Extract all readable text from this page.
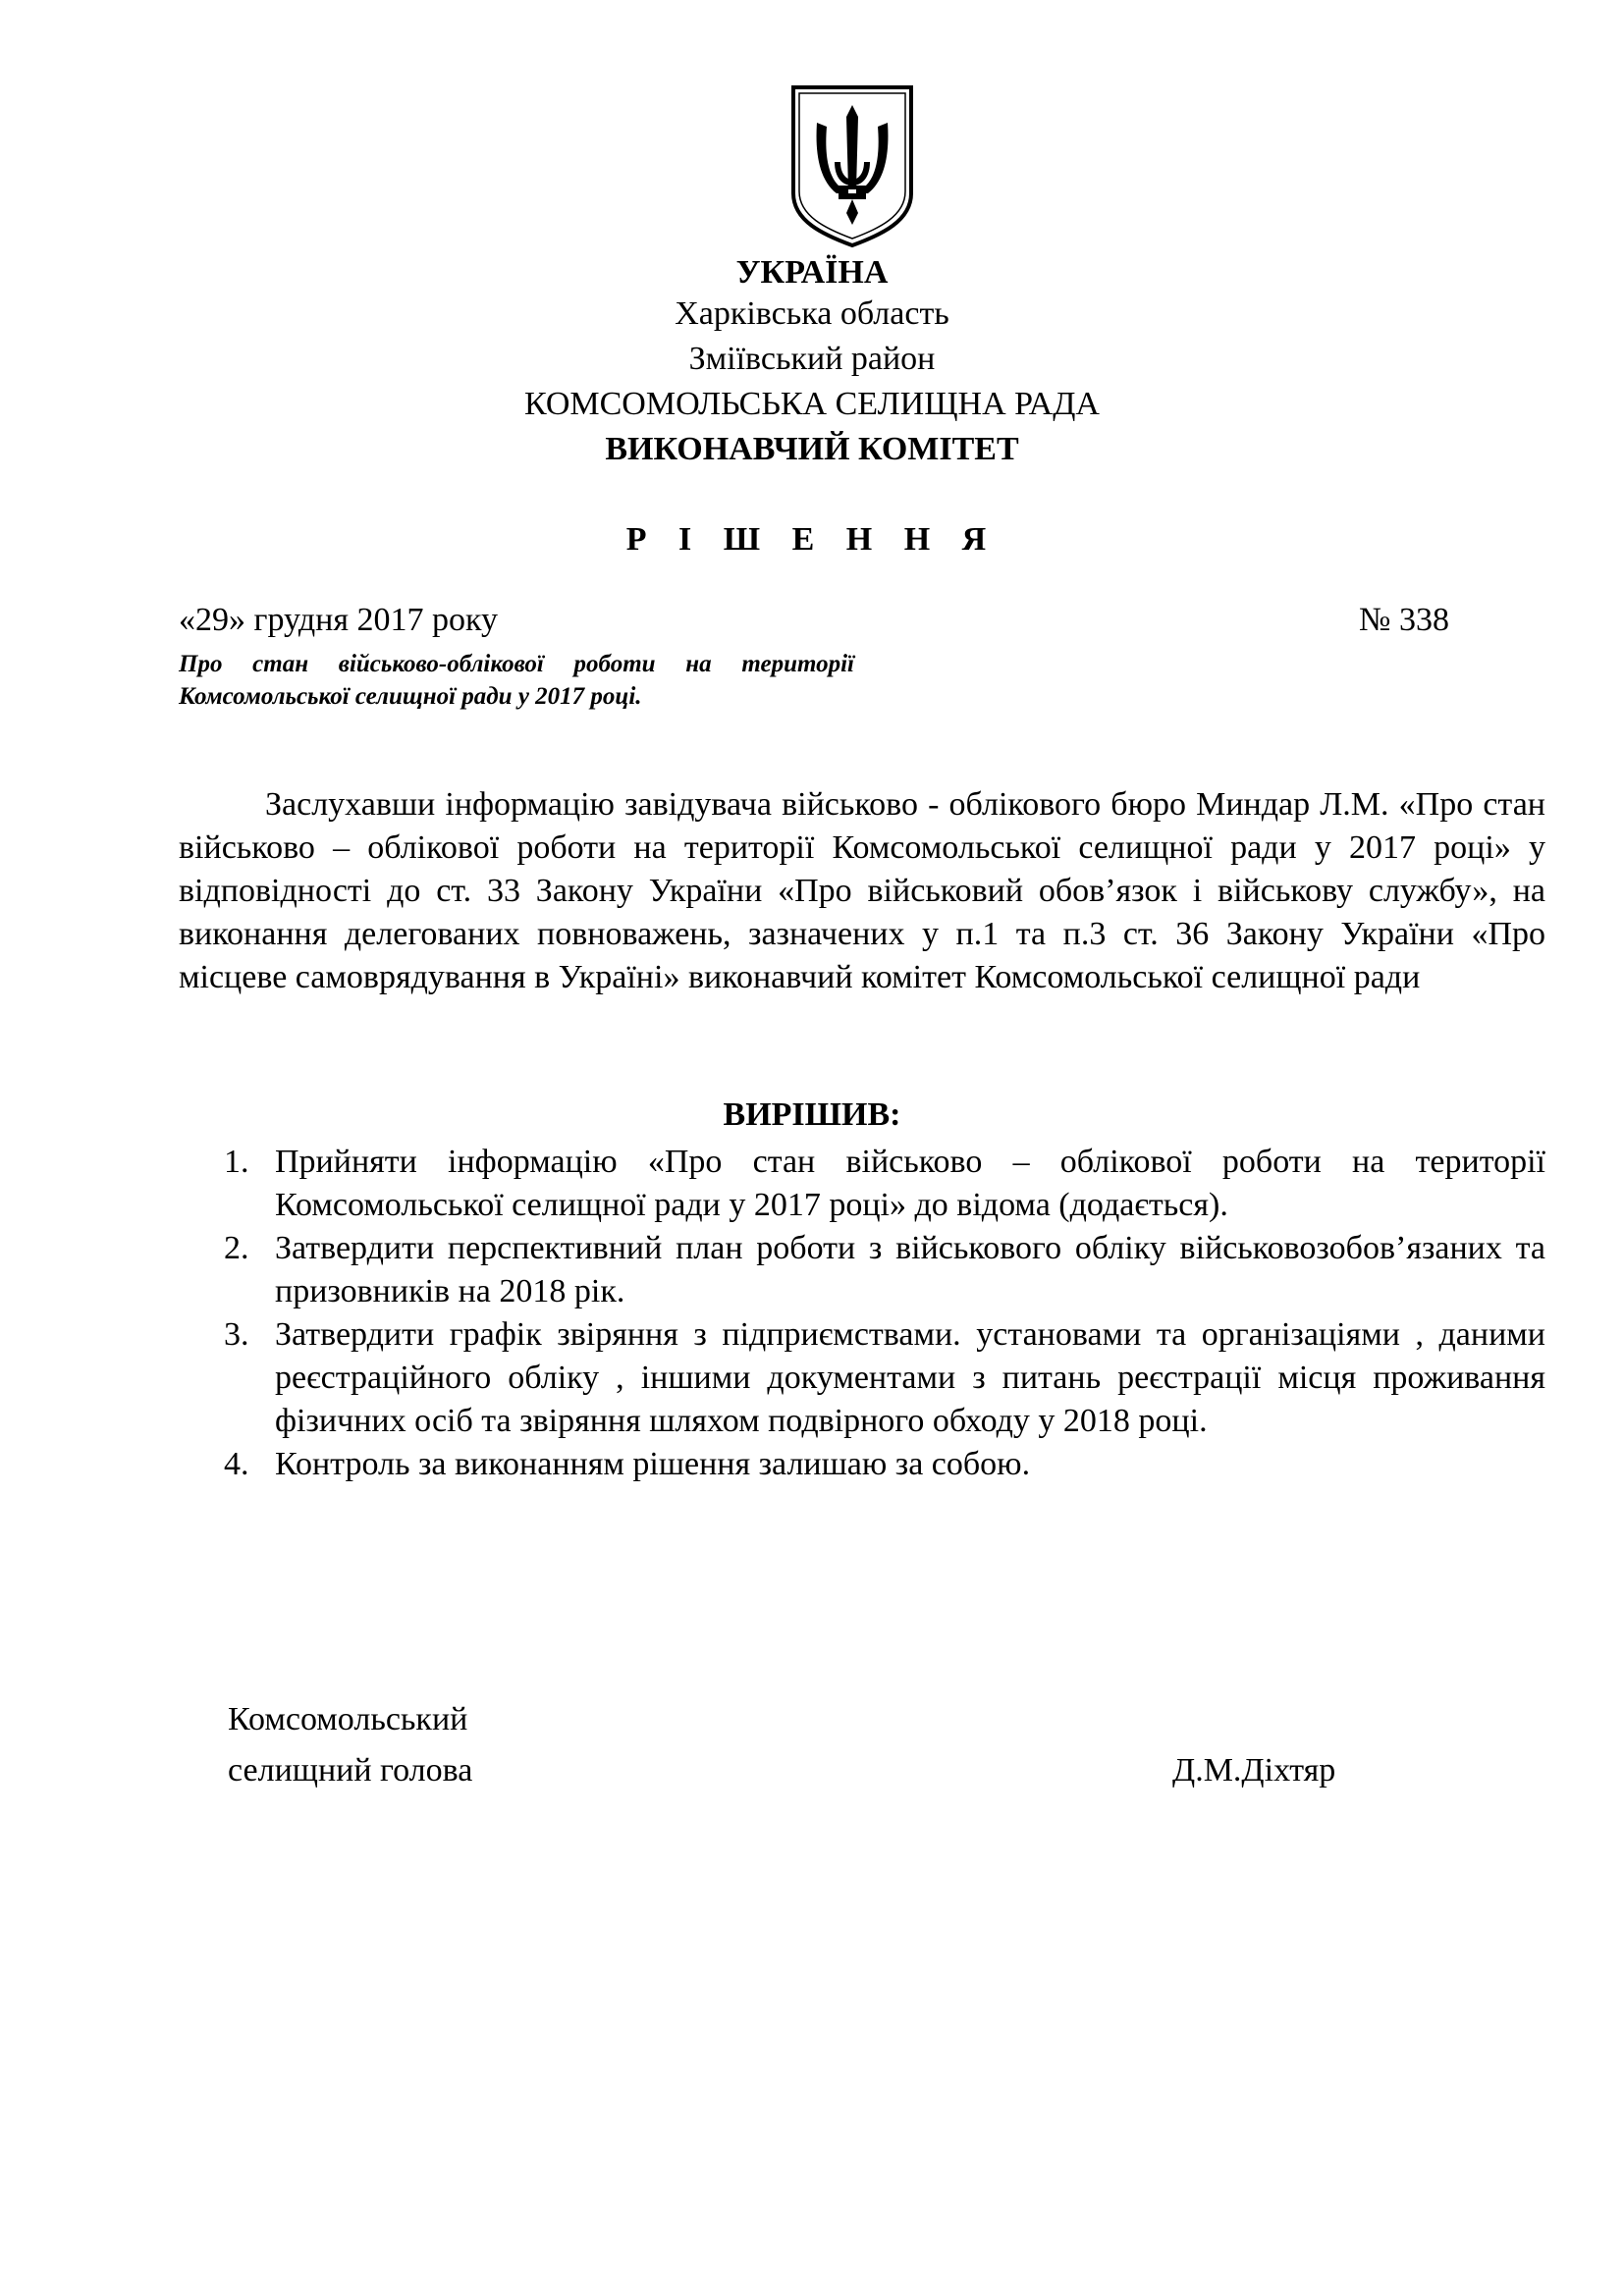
УКРАЇНА
Харківська область
Зміївський район
КОМСОМОЛЬСЬКА СЕЛИЩНА РАДА
ВИКОНАВЧИЙ КОМІТЕТ
Р І Ш Е Н Н Я
«29» грудня 2017 року	№ 338
Про стан військово-облікової роботи на території Комсомольської селищної ради у 2017 році.
Заслухавши інформацію завідувача військово - облікового бюро Миндар Л.М. «Про стан військово – облікової роботи на території Комсомольської селищної ради у 2017 році» у відповідності до ст. 33 Закону України «Про військовий обов’язок і військову службу», на виконання делегованих повноважень, зазначених у п.1 та п.3 ст. 36 Закону України «Про місцеве самоврядування в Україні» виконавчий комітет Комсомольської селищної ради
ВИРІШИВ:
1. Прийняти інформацію «Про стан військово – облікової роботи на території Комсомольської селищної ради у 2017 році» до відома (додається).
2. Затвердити перспективний план роботи з військового обліку військовозобов’язаних та призовників на 2018 рік.
3. Затвердити графік звіряння з підприємствами. установами та організаціями , даними реєстраційного обліку , іншими документами з питань реєстрації місця проживання фізичних осіб та звіряння шляхом подвірного обходу у 2018 році.
4. Контроль за виконанням рішення залишаю за собою.
Комсомольський
селищний голова	Д.М.Діхтяр
